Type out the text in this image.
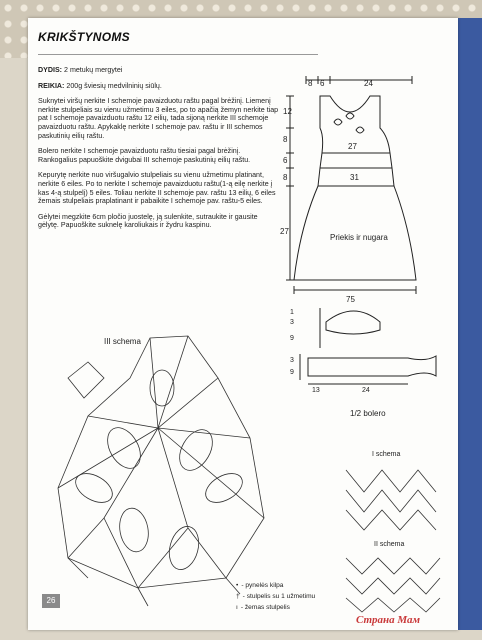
KRIKŠTYNOMS

DYDIS: 2 metukų mergytei

REIKIA: 200g šviesių medvilninių siūlų.

Suknytei viršų nerkite I schemoje pavaizduotu raštu pagal brėžinį. Liemenį nerkite stulpeliais su vienu užmetimu 3 eiles, po to apačią žemyn nerkite tiap pat I schemoje pavaizduotu raštu 12 eilių, tada sijoną nerkite III schemoje pavaizduotu raštu. Apykaklę nerkite I schemoje pav. raštu ir III schemos paskutinių eilių raštu.

Bolero nerkite I schemoje pavaizduotu raštu tiesiai pagal brėžinį. Rankogalius papuoškite dvigubai III schemoje paskutinių eilių raštu.

Kepurytę nerkite nuo viršugalvio stulpeliais su vienu užmetimu platinant, nerkite 6 eiles. Po to nerkite I schemoje pavaizduotu raštu(1-ą eilę nerkite į kas 4-ą stulpelį) 5 eiles. Toliau nerkite II schemoje pav. raštu 13 eilių, 6 eiles žemais stulpeliais praplatinant ir pabaikite I schemoje pav. raštu-5 eiles.

Gėlytei megzkite 6cm pločio juostelę, ją sulenkite, sutraukite ir gausite gėlytę. Papuoškite suknelę karoliukais ir žydru kaspinu.

8 6	24
12
8
6
8
27
27
31
Priekis ir nugara
75
1
3
9
3
9
13	24
1/2 bolero
III schema
I schema
II schema
• - pynelės kilpa
† - stulpelis su 1 užmetimu
ı - žemas stulpelis
26
Страна Мам
